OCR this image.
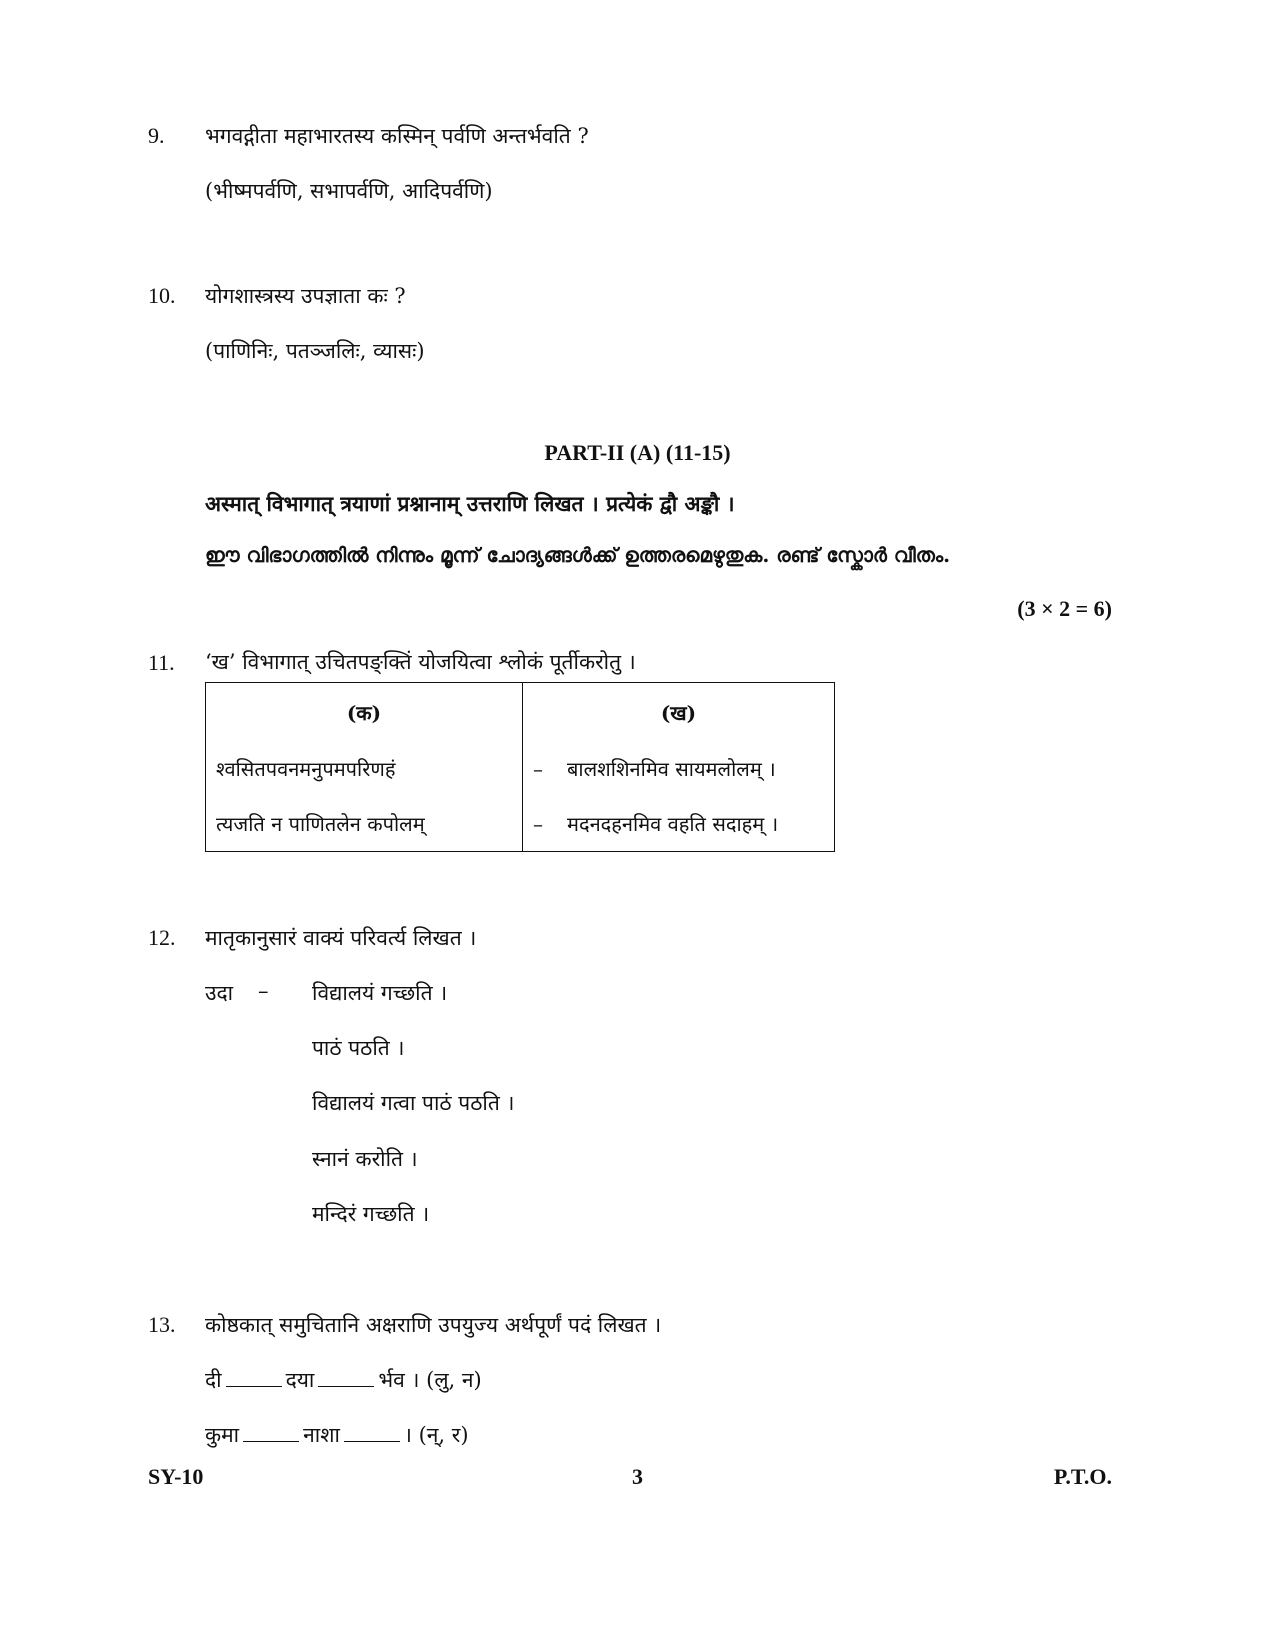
9. भगवद्गीता महाभारतस्य कस्मिन् पर्वणि अन्तर्भवति ?
(भीष्मपर्वणि, सभापर्वणि, आदिपर्वणि)
10. योगशास्त्रस्य उपज्ञाता कः ?
(पाणिनिः, पतञ्जलिः, व्यासः)
PART-II (A) (11-15)
अस्मात् विभागात् त्रयाणां प्रश्नानाम् उत्तराणि लिखत । प्रत्येकं द्वौ अङ्कौ ।
ഈ വിഭാഗത്തിൽ നിന്നും മൂന്ന് ചോദ്യങ്ങൾക്ക് ഉത്തരമെഴുതുക. രണ്ട് സ്കോർ വീതം.
(3 × 2 = 6)
11. ‘ख’ विभागात् उचितपङ्क्तिं योजयित्वा श्लोकं पूर्तीकरोतु ।
(क)	(ख)
श्वसितपवनमनुपमपरिणहं	– बालशशिनमिव सायमलोलम् ।
त्यजति न पाणितलेन कपोलम्	– मदनदहनमिव वहति सदाहम् ।
12. मातृकानुसारं वाक्यं परिवर्त्य लिखत ।
उदा – विद्यालयं गच्छति ।
पाठं पठति ।
विद्यालयं गत्वा पाठं पठति ।
स्नानं करोति ।
मन्दिरं गच्छति ।
13. कोष्ठकात् समुचितानि अक्षराणि उपयुज्य अर्थपूर्णं पदं लिखत ।
दी	दया	र्भव । (लु, न)
कुमा	नाशा	। (न्, र)
SY-10	3	P.T.O.
